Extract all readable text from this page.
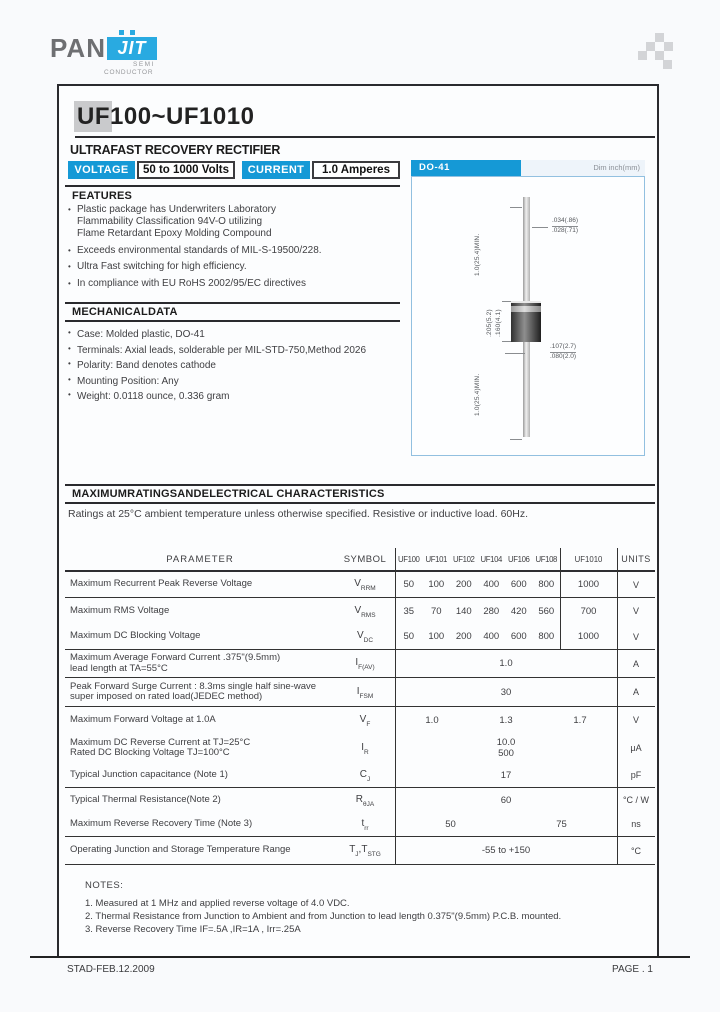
PAN JIT
SEMI
CONDUCTOR
UF100~UF1010
ULTRAFAST RECOVERY RECTIFIER
VOLTAGE	50 to 1000 Volts	CURRENT	1.0 Amperes
FEATURES
• Plastic package has Underwriters Laboratory
Flammability Classification 94V-O utilizing
Flame Retardant Epoxy Molding Compound
• Exceeds environmental standards of MIL-S-19500/228.
• Ultra Fast switching for high efficiency.
• In compliance with EU RoHS 2002/95/EC directives
MECHANICALDATA
• Case: Molded plastic, DO-41
• Terminals: Axial leads, solderable per MIL-STD-750,Method 2026
• Polarity: Band denotes cathode
• Mounting Position: Any
• Weight: 0.0118 ounce, 0.336 gram
DO-41	Dim inch(mm)
$\frac{.034(.86)}{.028(.71)}$
1.0(25.4)MIN.
.205(5.2) .160(4.1)
1.0(25.4)MIN.
$\frac{.107(2.7)}{.080(2.0)}$
MAXIMUMRATINGSANDELECTRICAL CHARACTERISTICS
Ratings at 25°C ambient temperature unless otherwise specified. Resistive or inductive load. 60Hz.
PARAMETER	SYMBOL	UF100 UF101 UF102 UF104 UF106 UF108	UF1010	UNITS
Maximum Recurrent Peak Reverse Voltage	$V_{RRM}$	50	100	200	400	600	800	1000	V
Maximum RMS Voltage	$V_{RMS}$	35	70	140	280	420	560	700	V
Maximum DC Blocking Voltage	$V_{DC}$	50	100	200	400	600	800	1000	V
Maximum Average Forward Current .375"(9.5mm)
lead length at TA=55°C	$I_{F(AV)}$	1.0	A
Peak Forward Surge Current : 8.3ms single half sine-wave
super imposed on rated load(JEDEC method)	$I_{FSM}$	30	A
Maximum Forward Voltage at 1.0A	$V_F$	1.0	1.3	1.7	V
Maximum DC Reverse Current at TJ=25°C
Rated DC Blocking Voltage TJ=100°C	$I_R$
10.0
500	μA
Typical Junction capacitance (Note 1)	$C_J$	17	pF
Typical Thermal Resistance(Note 2)	$R_{\theta JA}$	60	°C / W
Maximum Reverse Recovery Time (Note 3)	$t_{rr}$	50	75	ns
Operating Junction and Storage Temperature Range	$T_J,T_{STG}$	-55 to +150	°C
NOTES:
1. Measured at 1 MHz and applied reverse voltage of 4.0 VDC.
2. Thermal Resistance from Junction to Ambient and from Junction to lead length 0.375"(9.5mm) P.C.B. mounted.
3. Reverse Recovery Time IF=.5A ,IR=1A , Irr=.25A
STAD-FEB.12.2009	PAGE . 1
